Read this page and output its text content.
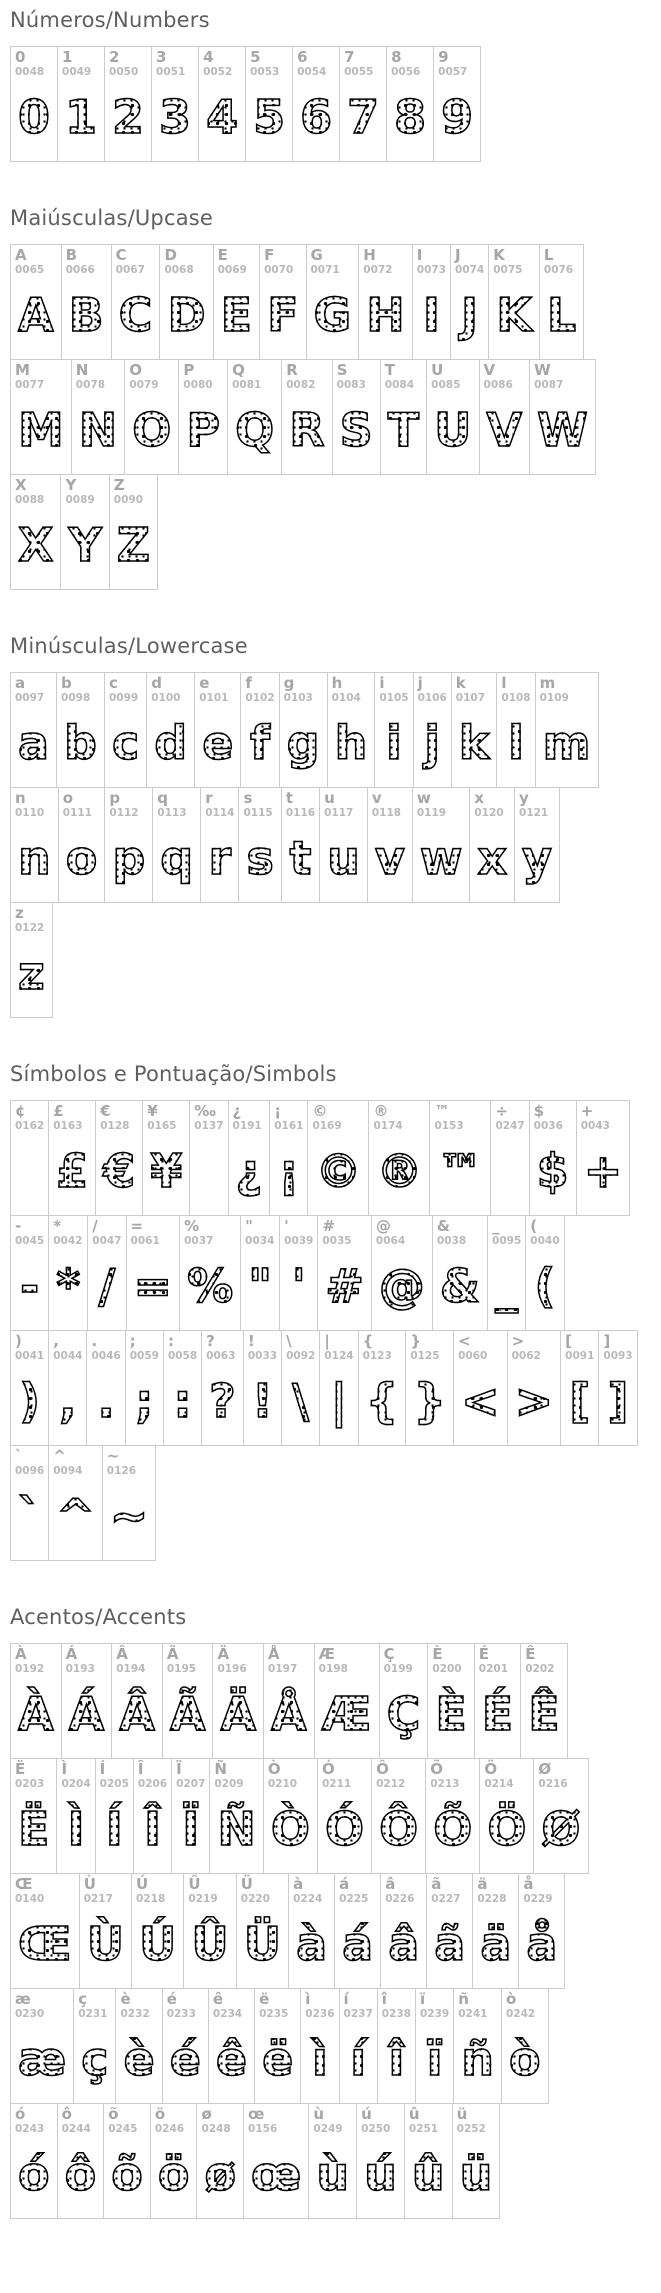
Números/Numbers
0
0048
0
1
0049
1
2
0050
2
3
0051
3
4
0052
4
5
0053
5
6
0054
6
7
0055
7
8
0056
8
9
0057
9
Maiúsculas/Upcase
A
0065
A
B
0066
B
C
0067
C
D
0068
D
E
0069
E
F
0070
F
G
0071
G
H
0072
H
I
0073
I
J
0074
J
K
0075
K
L
0076
L
M
0077
M
N
0078
N
O
0079
O
P
0080
P
Q
0081
Q
R
0082
R
S
0083
S
T
0084
T
U
0085
U
V
0086
V
W
0087
W
X
0088
X
Y
0089
Y
Z
0090
Z
Minúsculas/Lowercase
a
0097
a
b
0098
b
c
0099
c
d
0100
d
e
0101
e
f
0102
f
g
0103
g
h
0104
h
i
0105
i
j
0106
j
k
0107
k
l
0108
l
m
0109
m
n
0110
n
o
0111
o
p
0112
p
q
0113
q
r
0114
r
s
0115
s
t
0116
t
u
0117
u
v
0118
v
w
0119
w
x
0120
x
y
0121
y
z
0122
z
Símbolos e Pontuação/Simbols
¢
0162
£
0163
£
€
0128
€
¥
0165
¥
‰
0137
¿
0191
¿
¡
0161
¡
©
0169
©
®
0174
®
™
0153
™
÷
0247
$
0036
$
+
0043
+
-
0045
-
*
0042
*
/
0047
/
=
0061
=
%
0037
%
"
0034
"
'
0039
'
#
0035
#
@
0064
@
&
0038
&
_
0095
_
(
0040
(
)
0041
)
,
0044
,
.
0046
.
;
0059
;
:
0058
:
?
0063
?
!
0033
!
\
0092
\
|
0124
|
{
0123
{
}
0125
}
<
0060
<
>
0062
>
[
0091
[
]
0093
]
`
0096
`
^
0094
^
~
0126
~
Acentos/Accents
À
0192
À
Á
0193
Á
Â
0194
Â
Ã
0195
Ã
Ä
0196
Ä
Å
0197
Å
Æ
0198
Æ
Ç
0199
Ç
È
0200
È
É
0201
É
Ê
0202
Ê
Ë
0203
Ë
Ì
0204
Ì
Í
0205
Í
Î
0206
Î
Ï
0207
Ï
Ñ
0209
Ñ
Ò
0210
Ò
Ó
0211
Ó
Ô
0212
Ô
Õ
0213
Õ
Ö
0214
Ö
Ø
0216
Ø
Œ
0140
Œ
Ù
0217
Ù
Ú
0218
Ú
Û
0219
Û
Ü
0220
Ü
à
0224
à
á
0225
á
â
0226
â
ã
0227
ã
ä
0228
ä
å
0229
å
æ
0230
æ
ç
0231
ç
è
0232
è
é
0233
é
ê
0234
ê
ë
0235
ë
ì
0236
ì
í
0237
í
î
0238
î
ï
0239
ï
ñ
0241
ñ
ò
0242
ò
ó
0243
ó
ô
0244
ô
õ
0245
õ
ö
0246
ö
ø
0248
ø
œ
0156
œ
ù
0249
ù
ú
0250
ú
û
0251
û
ü
0252
ü
